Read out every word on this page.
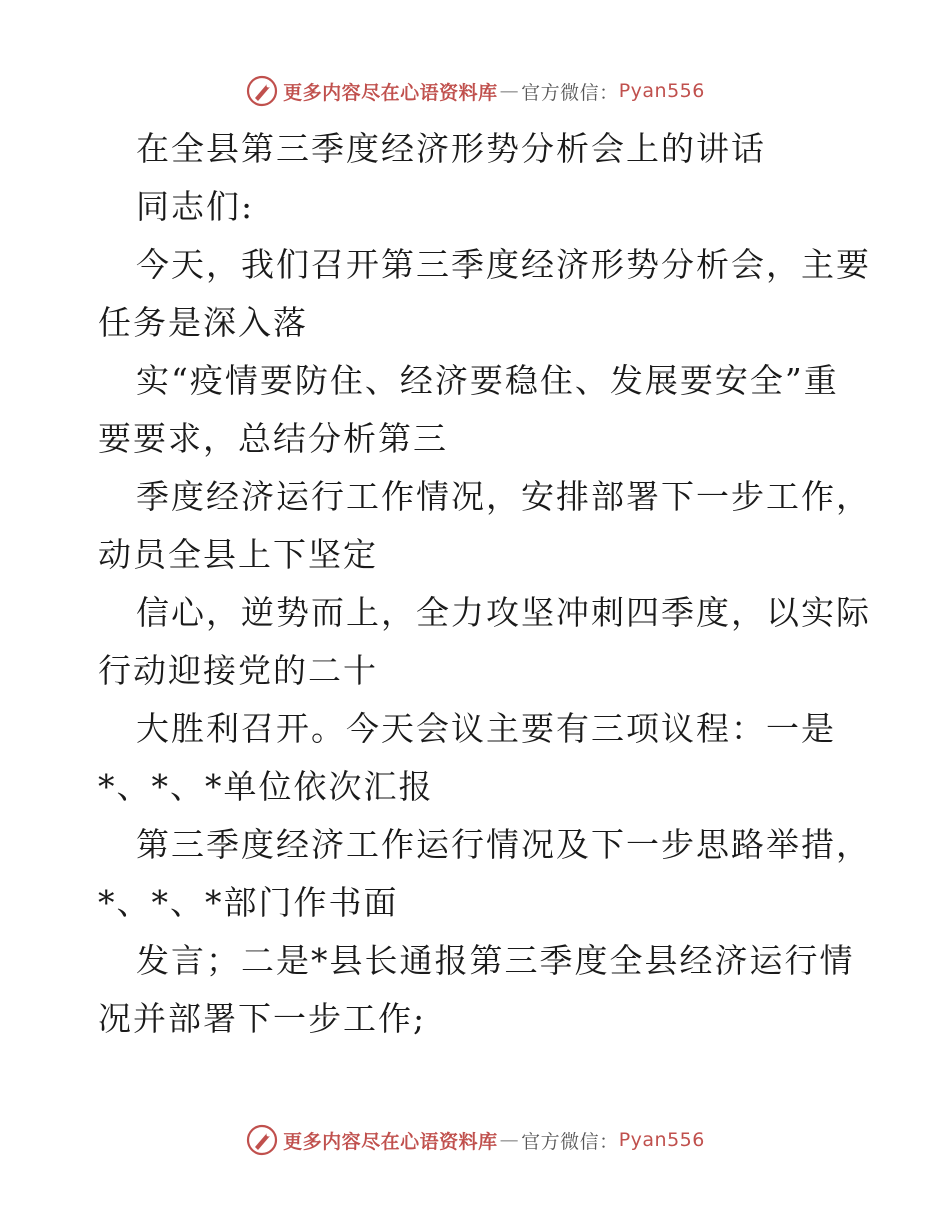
更多内容尽在心语资料库 — 官方微信： Pyan556
在全县第三季度经济形势分析会上的讲话
同志们:
今天，我们召开第三季度经济形势分析会，主要
任务是深入落
实“疫情要防住、经济要稳住、发展要安全”重
要要求，总结分析第三
季度经济运行工作情况，安排部署下一步工作，
动员全县上下坚定
信心，逆势而上，全力攻坚冲刺四季度，以实际
行动迎接党的二十
大胜利召开。今天会议主要有三项议程：一是
*、*、*单位依次汇报
第三季度经济工作运行情况及下一步思路举措，
*、*、*部门作书面
发言；二是*县长通报第三季度全县经济运行情
况并部署下一步工作;
更多内容尽在心语资料库 — 官方微信： Pyan556
